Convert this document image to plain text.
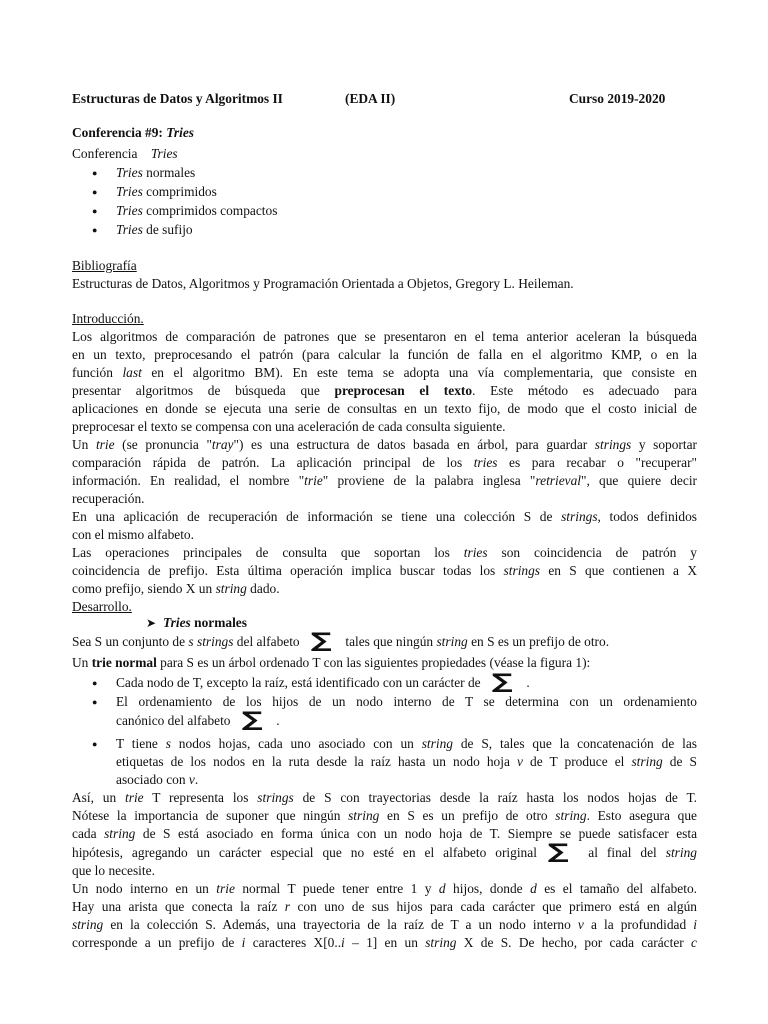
Estructuras de Datos y Algoritmos II	(EDA II)	Curso 2019-2020
Conferencia #9: Tries
Conferencia Tries
● Tries normales
● Tries comprimidos
● Tries comprimidos compactos
● Tries de sufijo
Bibliografía
Estructuras de Datos, Algoritmos y Programación Orientada a Objetos, Gregory L. Heileman.
Introducción.
Los algoritmos de comparación de patrones que se presentaron en el tema anterior aceleran la búsqueda
en un texto, preprocesando el patrón (para calcular la función de falla en el algoritmo KMP, o en la
función last en el algoritmo BM). En este tema se adopta una vía complementaria, que consiste en
presentar algoritmos de búsqueda que preprocesan el texto. Este método es adecuado para
aplicaciones en donde se ejecuta una serie de consultas en un texto fijo, de modo que el costo inicial de
preprocesar el texto se compensa con una aceleración de cada consulta siguiente.
Un trie (se pronuncia "tray") es una estructura de datos basada en árbol, para guardar strings y soportar
comparación rápida de patrón. La aplicación principal de los tries es para recabar o "recuperar"
información. En realidad, el nombre "trie" proviene de la palabra inglesa "retrieval", que quiere decir
recuperación.
En una aplicación de recuperación de información se tiene una colección S de strings, todos definidos
con el mismo alfabeto.
Las operaciones principales de consulta que soportan los tries son coincidencia de patrón y
coincidencia de prefijo. Esta última operación implica buscar todas los strings en S que contienen a X
como prefijo, siendo X un string dado.
Desarrollo.
➤ Tries normales
Sea S un conjunto de s strings del alfabeto ∑ tales que ningún string en S es un prefijo de otro.
Un trie normal para S es un árbol ordenado T con las siguientes propiedades (véase la figura 1):
● Cada nodo de T, excepto la raíz, está identificado con un carácter de ∑ .
● El ordenamiento de los hijos de un nodo interno de T se determina con un ordenamiento
canónico del alfabeto ∑ .
● T tiene s nodos hojas, cada uno asociado con un string de S, tales que la concatenación de las
etiquetas de los nodos en la ruta desde la raíz hasta un nodo hoja v de T produce el string de S
asociado con v.
Así, un trie T representa los strings de S con trayectorias desde la raíz hasta los nodos hojas de T.
Nótese la importancia de suponer que ningún string en S es un prefijo de otro string. Esto asegura que
cada string de S está asociado en forma única con un nodo hoja de T. Siempre se puede satisfacer esta
hipótesis, agregando un carácter especial que no esté en el alfabeto original ∑ al final del string
que lo necesite.
Un nodo interno en un trie normal T puede tener entre 1 y d hijos, donde d es el tamaño del alfabeto.
Hay una arista que conecta la raíz r con uno de sus hijos para cada carácter que primero está en algún
string en la colección S. Además, una trayectoria de la raíz de T a un nodo interno v a la profundidad i
corresponde a un prefijo de i caracteres X[0..i – 1] en un string X de S. De hecho, por cada carácter c
